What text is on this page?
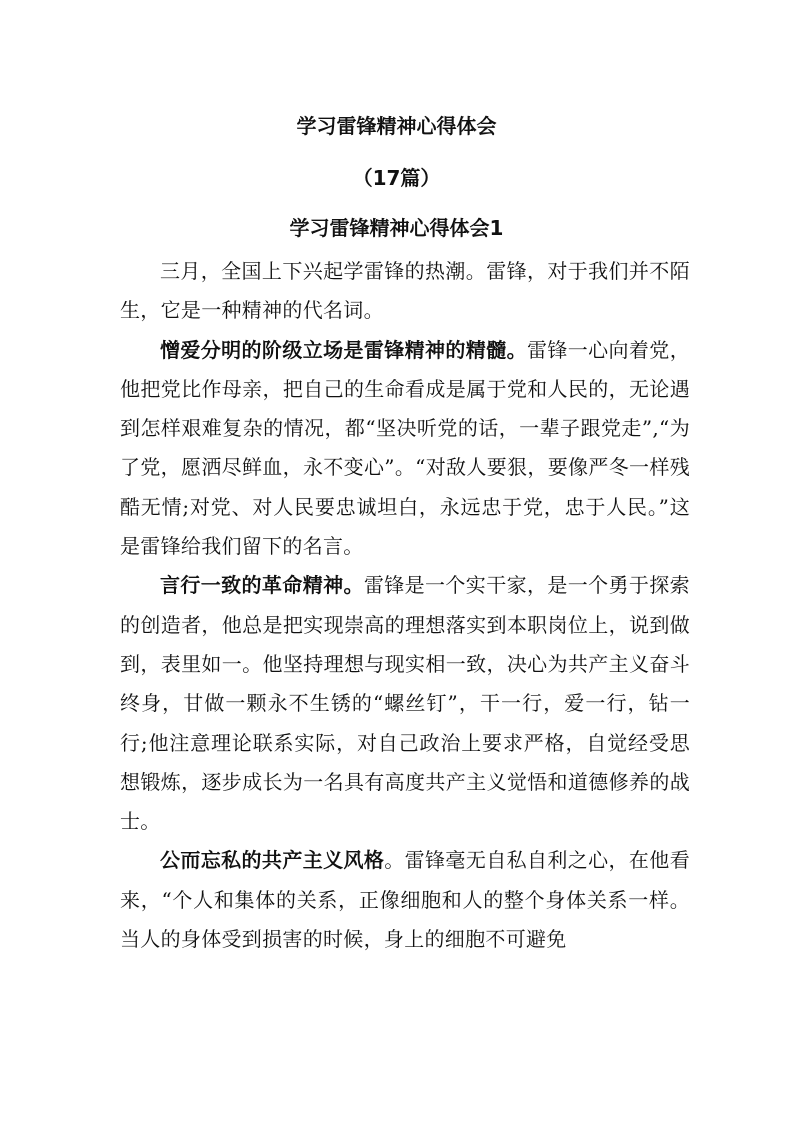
学习雷锋精神心得体会
（17篇）
学习雷锋精神心得体会1

三月，全国上下兴起学雷锋的热潮。雷锋，对于我们并不陌生，它是一种精神的代名词。

憎爱分明的阶级立场是雷锋精神的精髓。雷锋一心向着党，他把党比作母亲，把自己的生命看成是属于党和人民的，无论遇到怎样艰难复杂的情况，都“坚决听党的话，一辈子跟党走”,“为了党，愿洒尽鲜血，永不变心”。“对敌人要狠，要像严冬一样残酷无情;对党、对人民要忠诚坦白，永远忠于党，忠于人民。”这是雷锋给我们留下的名言。

言行一致的革命精神。雷锋是一个实干家，是一个勇于探索的创造者，他总是把实现崇高的理想落实到本职岗位上，说到做到，表里如一。他坚持理想与现实相一致，决心为共产主义奋斗终身，甘做一颗永不生锈的“螺丝钉”，干一行，爱一行，钻一行;他注意理论联系实际，对自己政治上要求严格，自觉经受思想锻炼，逐步成长为一名具有高度共产主义觉悟和道德修养的战士。

公而忘私的共产主义风格。雷锋毫无自私自利之心，在他看来，“个人和集体的关系，正像细胞和人的整个身体关系一样。当人的身体受到损害的时候，身上的细胞不可避免
